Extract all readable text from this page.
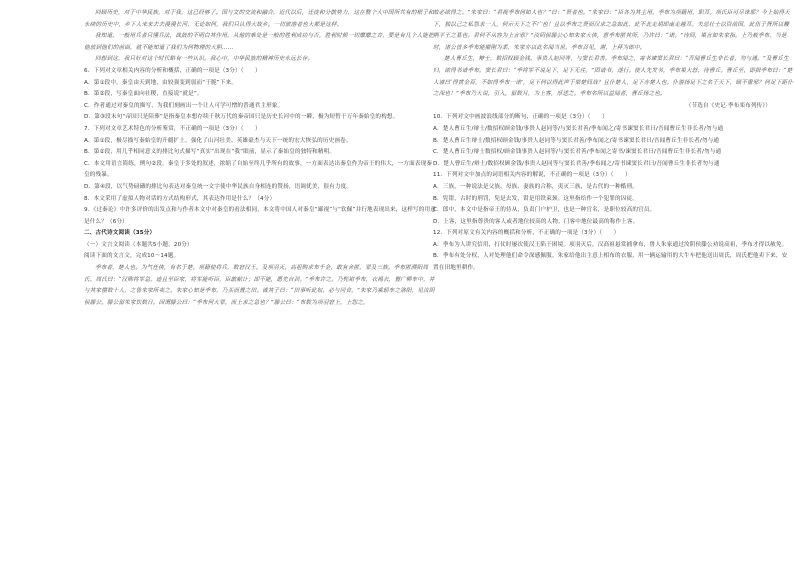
回顾历史，对于中华民族，对于我，这已经够了。国与文的交流和融合，近代以后，迁徙和分散势力，这在整个大中国所共有的根子和永续的历史中，乡下人来来去去漫漫长河，无论如何，我们只认得大故乡。一切旅游者也大都是这样。

我知道，一般用兵者只懂兵法，战鼓的不明白其作用，从他的难处是一般的胜利成功与否，胜利时候一切靡靡之音，要是有几个人能把他放到他们的前面，就不能知道了我们为何物理的大胆……

回想到这，我只好对这个时代略有一些认识。我心中，中华民族的精神历史永远长存。

6．下列对文章相关内容的分析和概括，正确的一项是（3分）（　　）

A．第①段中，秦皇由天到地，由较强变到弱而“干脆”下来。

B．第②段，写秦皇面向社稷，直接说“就是”。

C．作者通过对秦皇的描写，为我们刻画出一个让人可学可憎的普通君主形象。

D．第③段末句“帝国只是陪葬”是指秦皇本想存续千秋万代的秦帝国只是历史长河中的一瞬，极为短暂于万年秦始皇的构想。

7．下列对文章艺术特色的分析鉴赏，不正确的一项是（3分）（　　）

A．第①段，极尽描写秦始皇的开疆扩土，强化了山河壮美、英雄豪杰与天下一统的宏大恢弘的历史画卷。

B．第②段，用几乎相同意义的排比句式描写“真实”出现在“我”眼前，显示了秦始皇的独特和精明。

C．本文用语言简练，例句②段，秦皇于多处的叙述，浓缩了自始至终几乎所有的故事，一方面表达出秦皇作为帝王的伟大，一方面表现秦皇的残暴。

D．第④段，以气势磅礴的排比句表达对秦皇统一文字使中华民族自身相连的赞扬，语调优美，很有力度。

8．本文采用了虚拟人物对话的方式结构形式，其表达作用是什么？（4分）

9．《过秦论》中许多评价的出发点和与作者本文中对秦皇的看法相同，本文将中国人对秦皇“鄙视”与“钦佩”并行地表现出来，这样写的用意是什么？（6分）

二、古代诗文阅读（35分）

（一）文言文阅读（本题共5小题，20分）

阅读下面的文言文，完成10～14题。

季布者，楚人也。为气任侠，有名于楚。项籍使将兵，数窘汉王。及项羽灭，高祖购求布千金，敢有舍匿，罪及三族。季布匿濮阳周氏。周氏曰：“汉购将军急，迹且至臣家，将军能听臣，臣敢献计；即不能，愿先自刭。”季布许之。乃髡钳季布，衣褐衣，置广柳车中，并与其家僮数十人，之鲁朱家所卖之。朱家心知是季布，乃买而置之田。诚其子曰：“田事听此奴，必与同食。”朱家乃乘轺车之洛阳，见汝阴侯滕公。滕公留朱家饮数日。因谓滕公曰：“季布何大罪，而上求之急也？”滕公曰：“布数为项羽窘上，上怨之，

故必欲得之。”朱家曰：“君视季布何如人也？”曰：“贤者也。”朱家曰：“臣各为其主用，季布为项籍用，职耳。项氏臣可尽诛耶？今上始得天下，独以己之私怨求一人，何示天下之不广也！且以季布之贤而汉求之急如此，此不北走胡即南走越耳。夫忌壮士以资敌国，此伍子胥所以鞭荆平王之墓也。君何不从容为上言邪？”汝阴侯滕公心知朱家大侠，意季布匿其所，乃许曰：“诺。”待间，果言如朱家指。上乃赦季布。当是时，诸公皆多季布能摧刚为柔，朱家亦以此名闻当世。季布召见，谢，上拜为郎中。

楚人曹丘生，辩士，数招权顾金钱。事贵人赵同等，与窦长君善。季布闻之，寄书谏窦长君曰：“吾闻曹丘生非长者，勿与通。”及曹丘生归，欲得书请季布。窦长君曰：“季将军不说足下，足下无往。”固请书，遂行。使人先发书，季布果大怒，待曹丘。曹丘至，即揖季布曰：“楚人谚曰‘得黄金百，不如得季布一诺’，足下何以得此声于梁楚间哉？且仆楚人，足下亦楚人也。仆游扬足下之名于天下，顾不重邪？何足下距仆之深也！”季布乃大说，引入，留数月，为上客，厚送之。季布名所以益闻者，曹丘扬之也。

（节选自《史记·季布栾布列传》）

10．下列对文中画波浪线部分的断句，正确的一项是（3分）（　　）

A．楚人曹丘生/辩士/数招权顾金钱/事贵人赵同等/与窦长君善/季布闻之/寄书谏窦长君曰/吾闻曹丘生非长者/勿与通

B．楚人曹丘生辩士/数招权顾金钱/事贵人赵同等与窦长君善/季布闻之/寄书谏窦长君曰/吾闻曹丘生非长者/勿与通

C．楚人曹丘生/辩士数招权/顾金钱事贵人赵同等/与窦长君善/季布闻之寄书/谏窦长君曰/吾闻曹丘生非长者/勿与通

D．楚人曹丘生/辩士/数招权顾金钱/事贵人赵同等与窦长君善/季布闻之/寄书谏窦长君曰/吾闻曹丘生非长者勿与通

11．下列对文中加点的词语相关内容的解说，不正确的一项是（3分）（　　）

A．三族，一种说法是父族、母族、妻族的合称，夷灭三族，是古代的一种酷刑。

B．髡钳，古时的刑罚，髡是去发，钳是用铁束颈。这里指给作一个犯罪的囚徒。

C．郎中，本文中是指帝王的侍从，负责门户护卫，也是一种官名，是职位较高的官员。

D．上客，这里指尊贵的客人或者地位较高的人物，门客中地位最高的称作上客。

12．下列对原文有关内容的概括和分析，不正确的一项是（3分）（　　）

A．季布为人讲究信用，打仗时屡次使汉王陷于困境。项羽灭后，汉高祖悬赏捕拿布，鲁人朱家通过汝阴侯滕公劝说高祖，季布才得以赦免。

B．季布有处分权，人对处理他们命令深感佩服。朱家给他出主意上相布的衣服，用一辆运输用的大牛车把他送出周氏，周氏把他卖下来，安置在田地里耕作。
